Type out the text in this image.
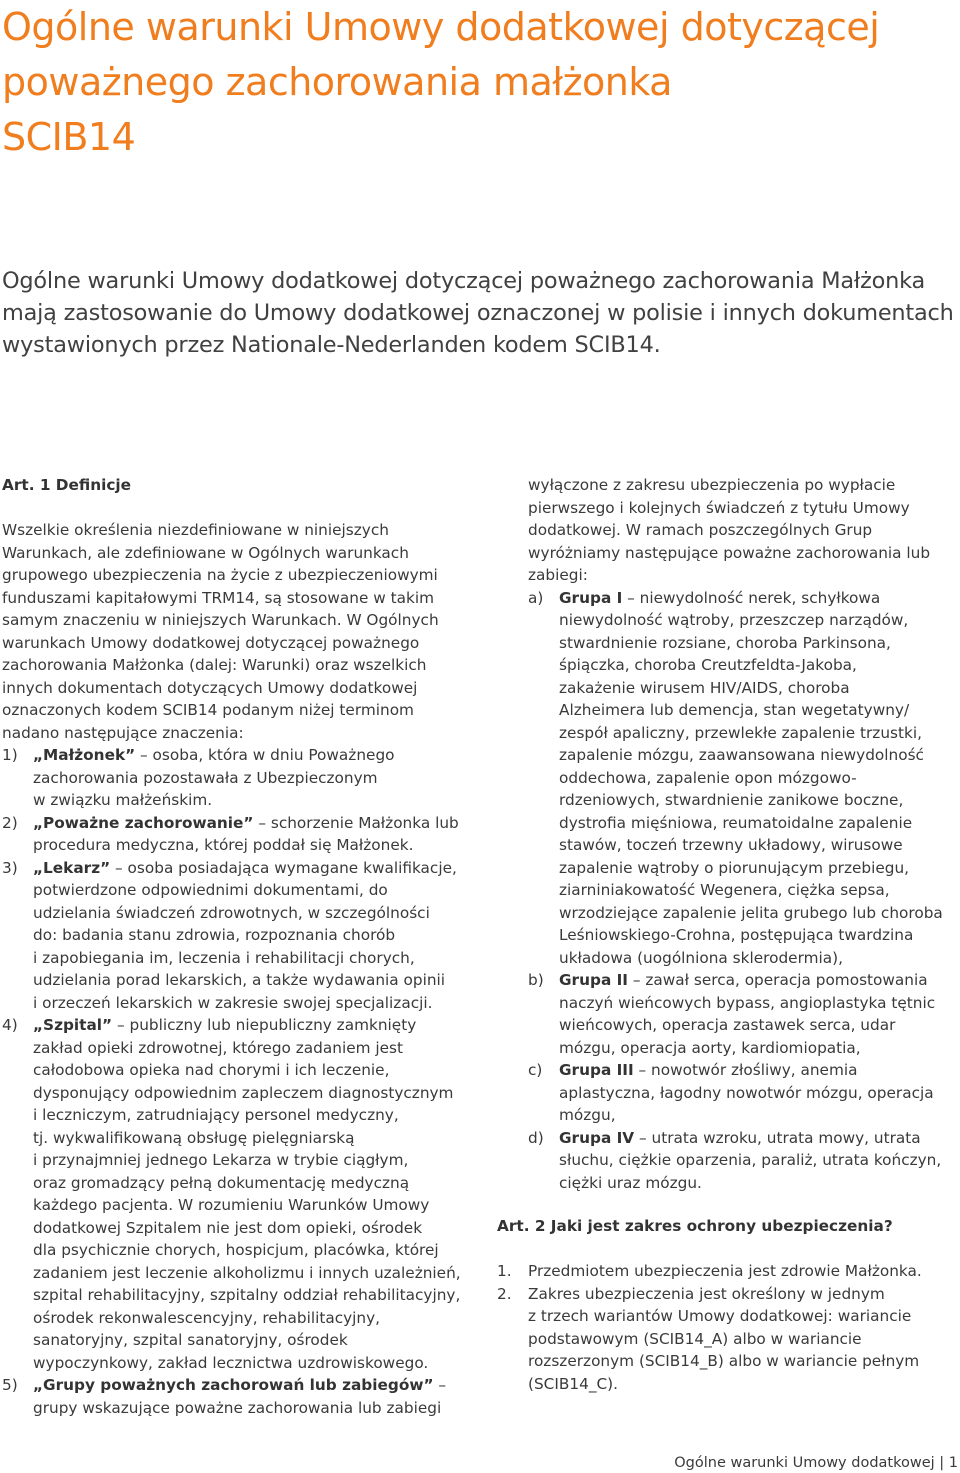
Ogólne warunki Umowy dodatkowej dotyczącej
poważnego zachorowania małżonka
SCIB14
Ogólne warunki Umowy dodatkowej dotyczącej poważnego zachorowania Małżonka
mają zastosowanie do Umowy dodatkowej oznaczonej w polisie i innych dokumentach
wystawionych przez Nationale-Nederlanden kodem SCIB14.
Art. 1 Definicje
Wszelkie określenia niezdefiniowane w niniejszych
Warunkach, ale zdefiniowane w Ogólnych warunkach
grupowego ubezpieczenia na życie z ubezpieczeniowymi
funduszami kapitałowymi TRM14, są stosowane w takim
samym znaczeniu w niniejszych Warunkach. W Ogólnych
warunkach Umowy dodatkowej dotyczącej poważnego
zachorowania Małżonka (dalej: Warunki) oraz wszelkich
innych dokumentach dotyczących Umowy dodatkowej
oznaczonych kodem SCIB14 podanym niżej terminom
nadano następujące znaczenia:
1) „Małżonek” – osoba, która w dniu Poważnego
zachorowania pozostawała z Ubezpieczonym
w związku małżeńskim.
2) „Poważne zachorowanie” – schorzenie Małżonka lub
procedura medyczna, której poddał się Małżonek.
3) „Lekarz” – osoba posiadająca wymagane kwalifikacje,
potwierdzone odpowiednimi dokumentami, do
udzielania świadczeń zdrowotnych, w szczególności
do: badania stanu zdrowia, rozpoznania chorób
i zapobiegania im, leczenia i rehabilitacji chorych,
udzielania porad lekarskich, a także wydawania opinii
i orzeczeń lekarskich w zakresie swojej specjalizacji.
4) „Szpital” – publiczny lub niepubliczny zamknięty
zakład opieki zdrowotnej, którego zadaniem jest
całodobowa opieka nad chorymi i ich leczenie,
dysponujący odpowiednim zapleczem diagnostycznym
i leczniczym, zatrudniający personel medyczny,
tj. wykwalifikowaną obsługę pielęgniarską
i przynajmniej jednego Lekarza w trybie ciągłym,
oraz gromadzący pełną dokumentację medyczną
każdego pacjenta. W rozumieniu Warunków Umowy
dodatkowej Szpitalem nie jest dom opieki, ośrodek
dla psychicznie chorych, hospicjum, placówka, której
zadaniem jest leczenie alkoholizmu i innych uzależnień,
szpital rehabilitacyjny, szpitalny oddział rehabilitacyjny,
ośrodek rekonwalescencyjny, rehabilitacyjny,
sanatoryjny, szpital sanatoryjny, ośrodek
wypoczynkowy, zakład lecznictwa uzdrowiskowego.
5) „Grupy poważnych zachorowań lub zabiegów” –
grupy wskazujące poważne zachorowania lub zabiegi
wyłączone z zakresu ubezpieczenia po wypłacie
pierwszego i kolejnych świadczeń z tytułu Umowy
dodatkowej. W ramach poszczególnych Grup
wyróżniamy następujące poważne zachorowania lub
zabiegi:
a)	Grupa I – niewydolność nerek, schyłkowa
niewydolność wątroby, przeszczep narządów,
stwardnienie rozsiane, choroba Parkinsona,
śpiączka, choroba Creutzfeldta-Jakoba,
zakażenie wirusem HIV/AIDS, choroba
Alzheimera lub demencja, stan wegetatywny/
zespół apaliczny, przewlekłe zapalenie trzustki,
zapalenie mózgu, zaawansowana niewydolność
oddechowa, zapalenie opon mózgowo-
rdzeniowych, stwardnienie zanikowe boczne,
dystrofia mięśniowa, reumatoidalne zapalenie
stawów, toczeń trzewny układowy, wirusowe
zapalenie wątroby o piorunującym przebiegu,
ziarniniakowatość Wegenera, ciężka sepsa,
wrzodziejące zapalenie jelita grubego lub choroba
Leśniowskiego-Crohna, postępująca twardzina
układowa (uogólniona sklerodermia),
b)	Grupa II – zawał serca, operacja pomostowania
naczyń wieńcowych bypass, angioplastyka tętnic
wieńcowych, operacja zastawek serca, udar
mózgu, operacja aorty, kardiomiopatia,
c)	Grupa III – nowotwór złośliwy, anemia
aplastyczna, łagodny nowotwór mózgu, operacja
mózgu,
d)	Grupa IV – utrata wzroku, utrata mowy, utrata
słuchu, ciężkie oparzenia, paraliż, utrata kończyn,
ciężki uraz mózgu.
Art. 2 Jaki jest zakres ochrony ubezpieczenia?
1.	Przedmiotem ubezpieczenia jest zdrowie Małżonka.
2.	Zakres ubezpieczenia jest określony w jednym
z trzech wariantów Umowy dodatkowej: wariancie
podstawowym (SCIB14_A) albo w wariancie
rozszerzonym (SCIB14_B) albo w wariancie pełnym
(SCIB14_C).
Ogólne warunki Umowy dodatkowej | 1
